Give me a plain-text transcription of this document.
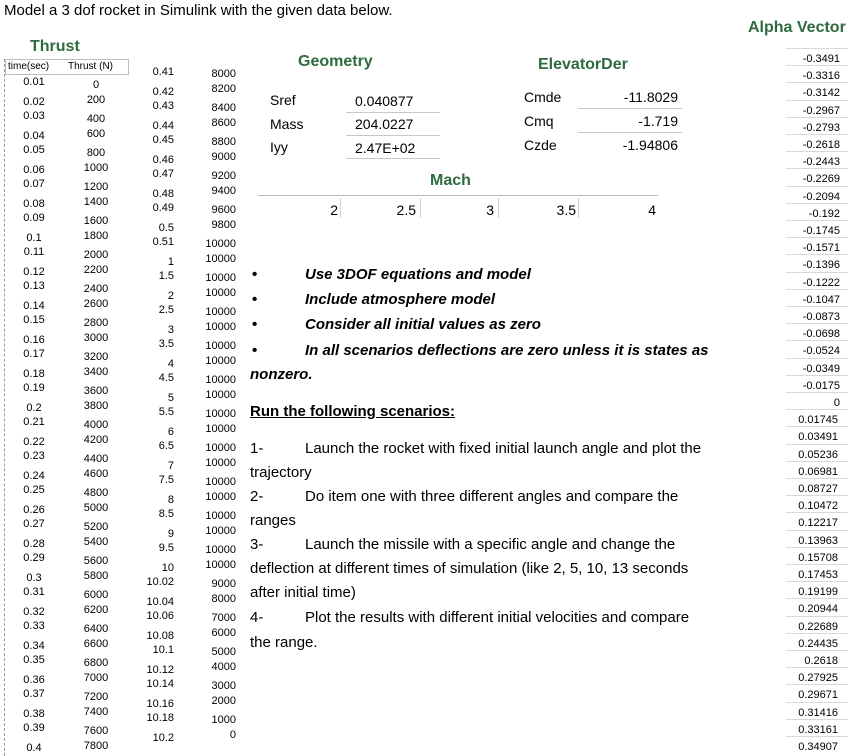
Model a 3 dof rocket in Simulink with the given data below.
Thrust
Alpha Vector
Geometry	ElevatorDer
Mach
time(sec) Thrust (N)
0.01	0
0.02	200
0.03	400
0.04	600
0.05	800
0.06	1000
0.07	1200
0.08	1400
0.09	1600
0.1	1800
0.11	2000
0.12	2200
0.13	2400
0.14	2600
0.15	2800
0.16	3000
0.17	3200
0.18	3400
0.19	3600
0.2	3800
0.21	4000
0.22	4200
0.23	4400
0.24	4600
0.25	4800
0.26	5000
0.27	5200
0.28	5400
0.29	5600
0.3	5800
0.31	6000
0.32	6200
0.33	6400
0.34	6600
0.35	6800
0.36	7000
0.37	7200
0.38	7400
0.39	7600
0.4	7800
0.41	8000
0.42	8200
0.43	8400
0.44	8600
0.45	8800
0.46	9000
0.47	9200
0.48	9400
0.49	9600
0.5	9800
0.51	10000
1	10000
1.5	10000
2	10000
2.5	10000
3	10000
3.5	10000
4	10000
4.5	10000
5	10000
5.5	10000
6	10000
6.5	10000
7	10000
7.5	10000
8	10000
8.5	10000
9	10000
9.5	10000
10	10000
10.02	9000
10.04	8000
10.06	7000
10.08	6000
10.1	5000
10.12	4000
10.14	3000
10.16	2000
10.18	1000
10.2	0
Sref	0.040877
Mass	204.0227
Iyy	2.47E+02
Cmde	-11.8029
Cmq	-1.719
Czde	-1.94806
2	2.5	3	3.5	4
•	Use 3DOF equations and model
•	Include atmosphere model
•	Consider all initial values as zero
•	In all scenarios deflections are zero unless it is states as
nonzero.
Run the following scenarios:
1-	Launch the rocket with fixed initial launch angle and plot the
trajectory
2-	Do item one with three different angles and compare the
ranges
3-	Launch the missile with a specific angle and change the
deflection at different times of simulation (like 2, 5, 10, 13 seconds
after initial time)
4-	Plot the results with different initial velocities and compare
the range.
-0.3491
-0.3316
-0.3142
-0.2967
-0.2793
-0.2618
-0.2443
-0.2269
-0.2094
-0.192
-0.1745
-0.1571
-0.1396
-0.1222
-0.1047
-0.0873
-0.0698
-0.0524
-0.0349
-0.0175
0
0.01745
0.03491
0.05236
0.06981
0.08727
0.10472
0.12217
0.13963
0.15708
0.17453
0.19199
0.20944
0.22689
0.24435
0.2618
0.27925
0.29671
0.31416
0.33161
0.34907
